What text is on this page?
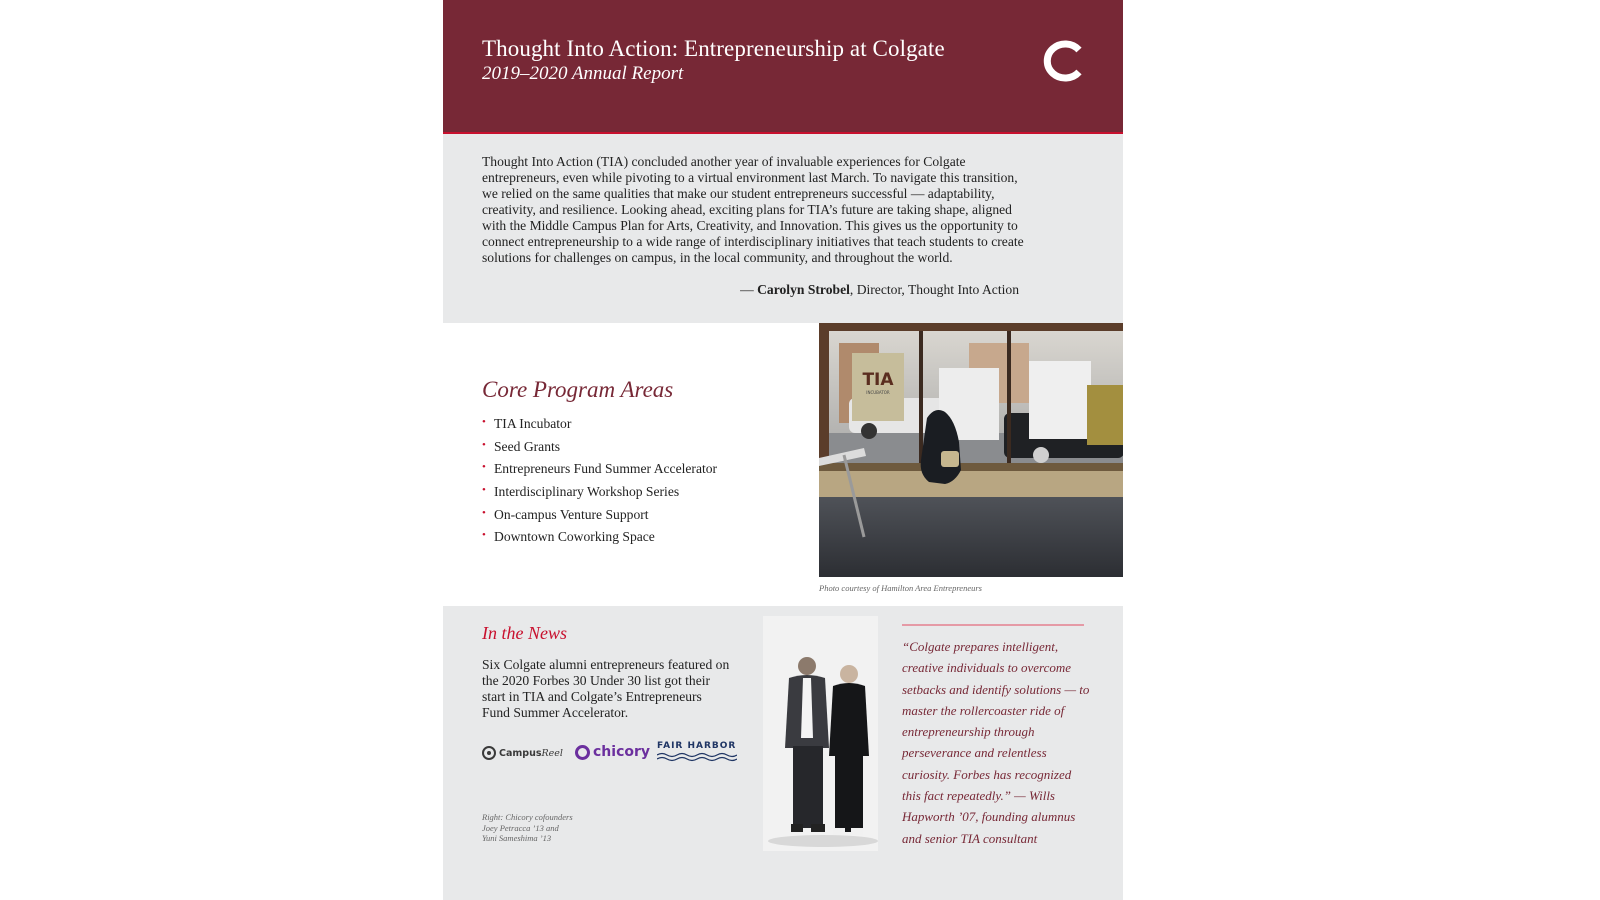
Thought Into Action: Entrepreneurship at Colgate
2019–2020 Annual Report

Thought Into Action (TIA) concluded another year of invaluable experiences for Colgate entrepreneurs, even while pivoting to a virtual environment last March. To navigate this transition, we relied on the same qualities that make our student entrepreneurs successful — adaptability, creativity, and resilience. Looking ahead, exciting plans for TIA’s future are taking shape, aligned with the Middle Campus Plan for Arts, Creativity, and Innovation. This gives us the opportunity to connect entrepreneurship to a wide range of interdisciplinary initiatives that teach students to create solutions for challenges on campus, in the local community, and throughout the world.

— Carolyn Strobel, Director, Thought Into Action
Core Program Areas
• TIA Incubator
• Seed Grants
• Entrepreneurs Fund Summer Accelerator
• Interdisciplinary Workshop Series
• On-campus Venture Support
• Downtown Coworking Space
TIA
INCUBATOR
Photo courtesy of Hamilton Area Entrepreneurs
In the News

Six Colgate alumni entrepreneurs featured on the 2020 Forbes 30 Under 30 list got their start in TIA and Colgate’s Entrepreneurs Fund Summer Accelerator.

CampusReel chicory FAIR HARBOR

Right: Chicory cofounders
Joey Petracca ’13 and
Yuni Sameshima ’13

“Colgate prepares intelligent, creative individuals to overcome setbacks and identify solutions — to master the rollercoaster ride of entrepreneurship through perseverance and relentless curiosity. Forbes has recognized this fact repeatedly.” — Wills Hapworth ’07, founding alumnus and senior TIA consultant
